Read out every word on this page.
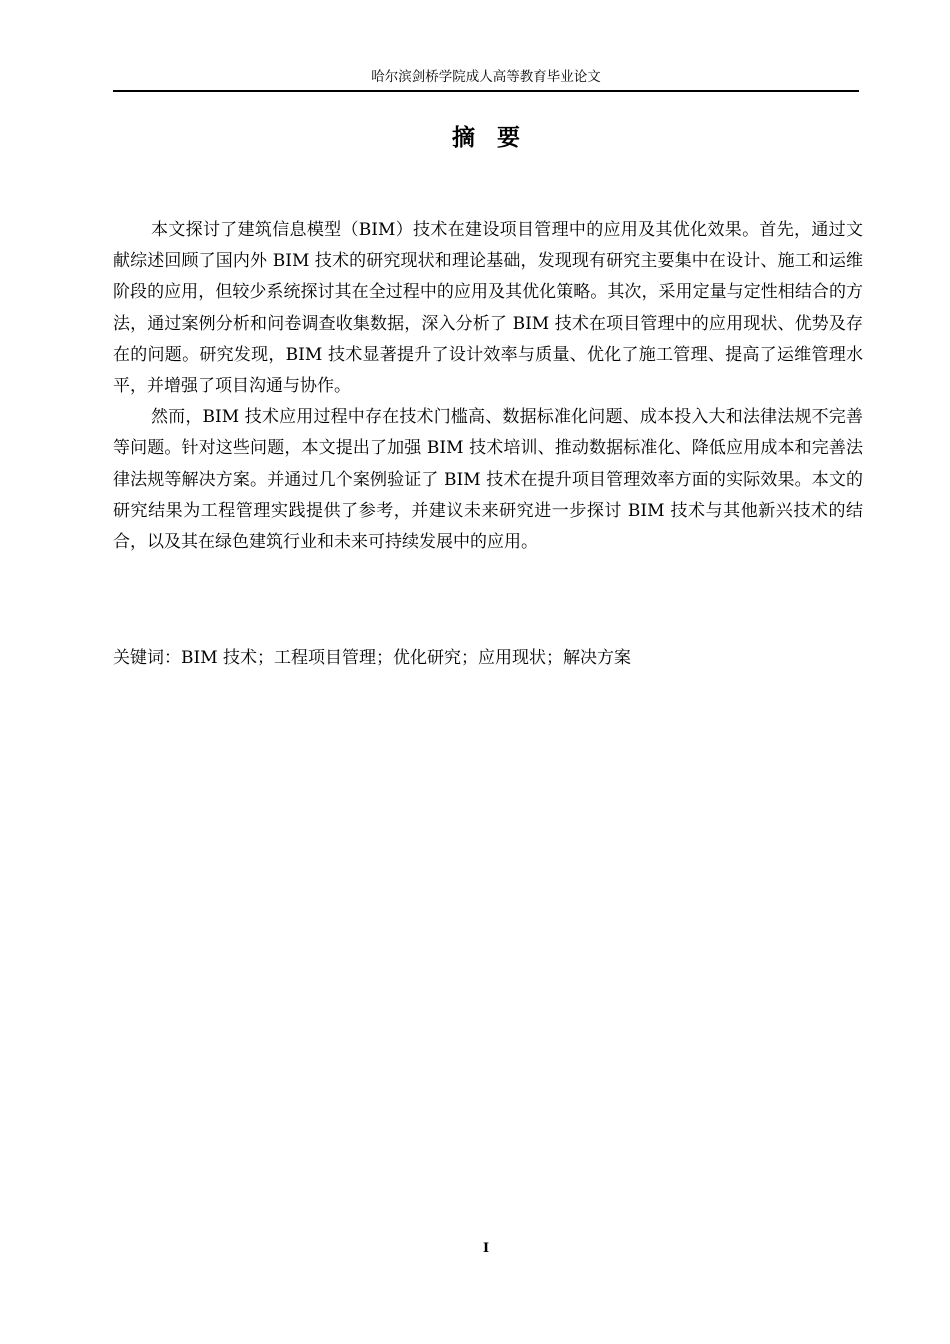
哈尔滨剑桥学院成人高等教育毕业论文
摘要

本文探讨了建筑信息模型（BIM）技术在建设项目管理中的应用及其优化效果。首先，通过文献综述回顾了国内外 BIM 技术的研究现状和理论基础，发现现有研究主要集中在设计、施工和运维阶段的应用，但较少系统探讨其在全过程中的应用及其优化策略。其次，采用定量与定性相结合的方法，通过案例分析和问卷调查收集数据，深入分析了 BIM 技术在项目管理中的应用现状、优势及存在的问题。研究发现，BIM 技术显著提升了设计效率与质量、优化了施工管理、提高了运维管理水平，并增强了项目沟通与协作。

然而，BIM 技术应用过程中存在技术门槛高、数据标准化问题、成本投入大和法律法规不完善等问题。针对这些问题，本文提出了加强 BIM 技术培训、推动数据标准化、降低应用成本和完善法律法规等解决方案。并通过几个案例验证了 BIM 技术在提升项目管理效率方面的实际效果。本文的研究结果为工程管理实践提供了参考，并建议未来研究进一步探讨 BIM 技术与其他新兴技术的结合，以及其在绿色建筑行业和未来可持续发展中的应用。

关键词：BIM 技术；工程项目管理；优化研究；应用现状；解决方案
I
